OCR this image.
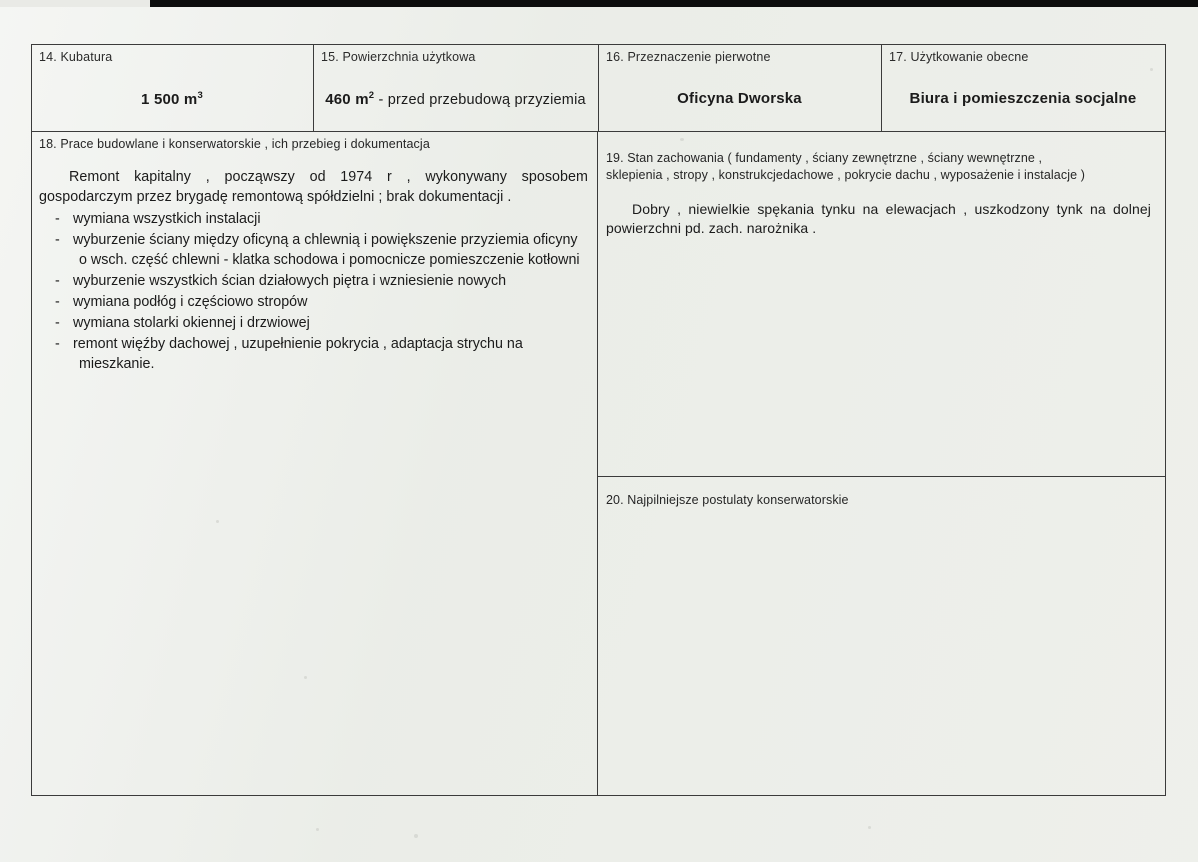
14. Kubatura
1 500 $m^3$
15. Powierzchnia użytkowa
460 $m^2$ - przed przebudową przyziemia
16. Przeznaczenie pierwotne
Oficyna Dworska
17. Użytkowanie obecne
Biura i pomieszczenia socjalne
18. Prace budowlane i konserwatorskie , ich przebieg i dokumentacja
Remont kapitalny , począwszy od 1974 r , wykonywany sposobem gospodarczym przez brygadę remontową spółdzielni ; brak dokumentacji .
- wymiana wszystkich instalacji
- wyburzenie ściany między oficyną a chlewnią i powiększenie przyziemia oficyny
o wsch. część chlewni - klatka schodowa i pomocnicze pomieszczenie kotłowni
- wyburzenie wszystkich ścian działowych piętra i wzniesienie nowych
- wymiana podłóg i częściowo stropów
- wymiana stolarki okiennej i drzwiowej
- remont więźby dachowej , uzupełnienie pokrycia , adaptacja strychu na
mieszkanie.
19. Stan zachowania ( fundamenty , ściany zewnętrzne , ściany wewnętrzne ,
sklepienia , stropy , konstrukcjedachowe , pokrycie dachu , wyposażenie i instalacje )
Dobry , niewielkie spękania tynku na elewacjach , uszkodzony tynk na dolnej powierzchni pd. zach. narożnika .
20. Najpilniejsze postulaty konserwatorskie
